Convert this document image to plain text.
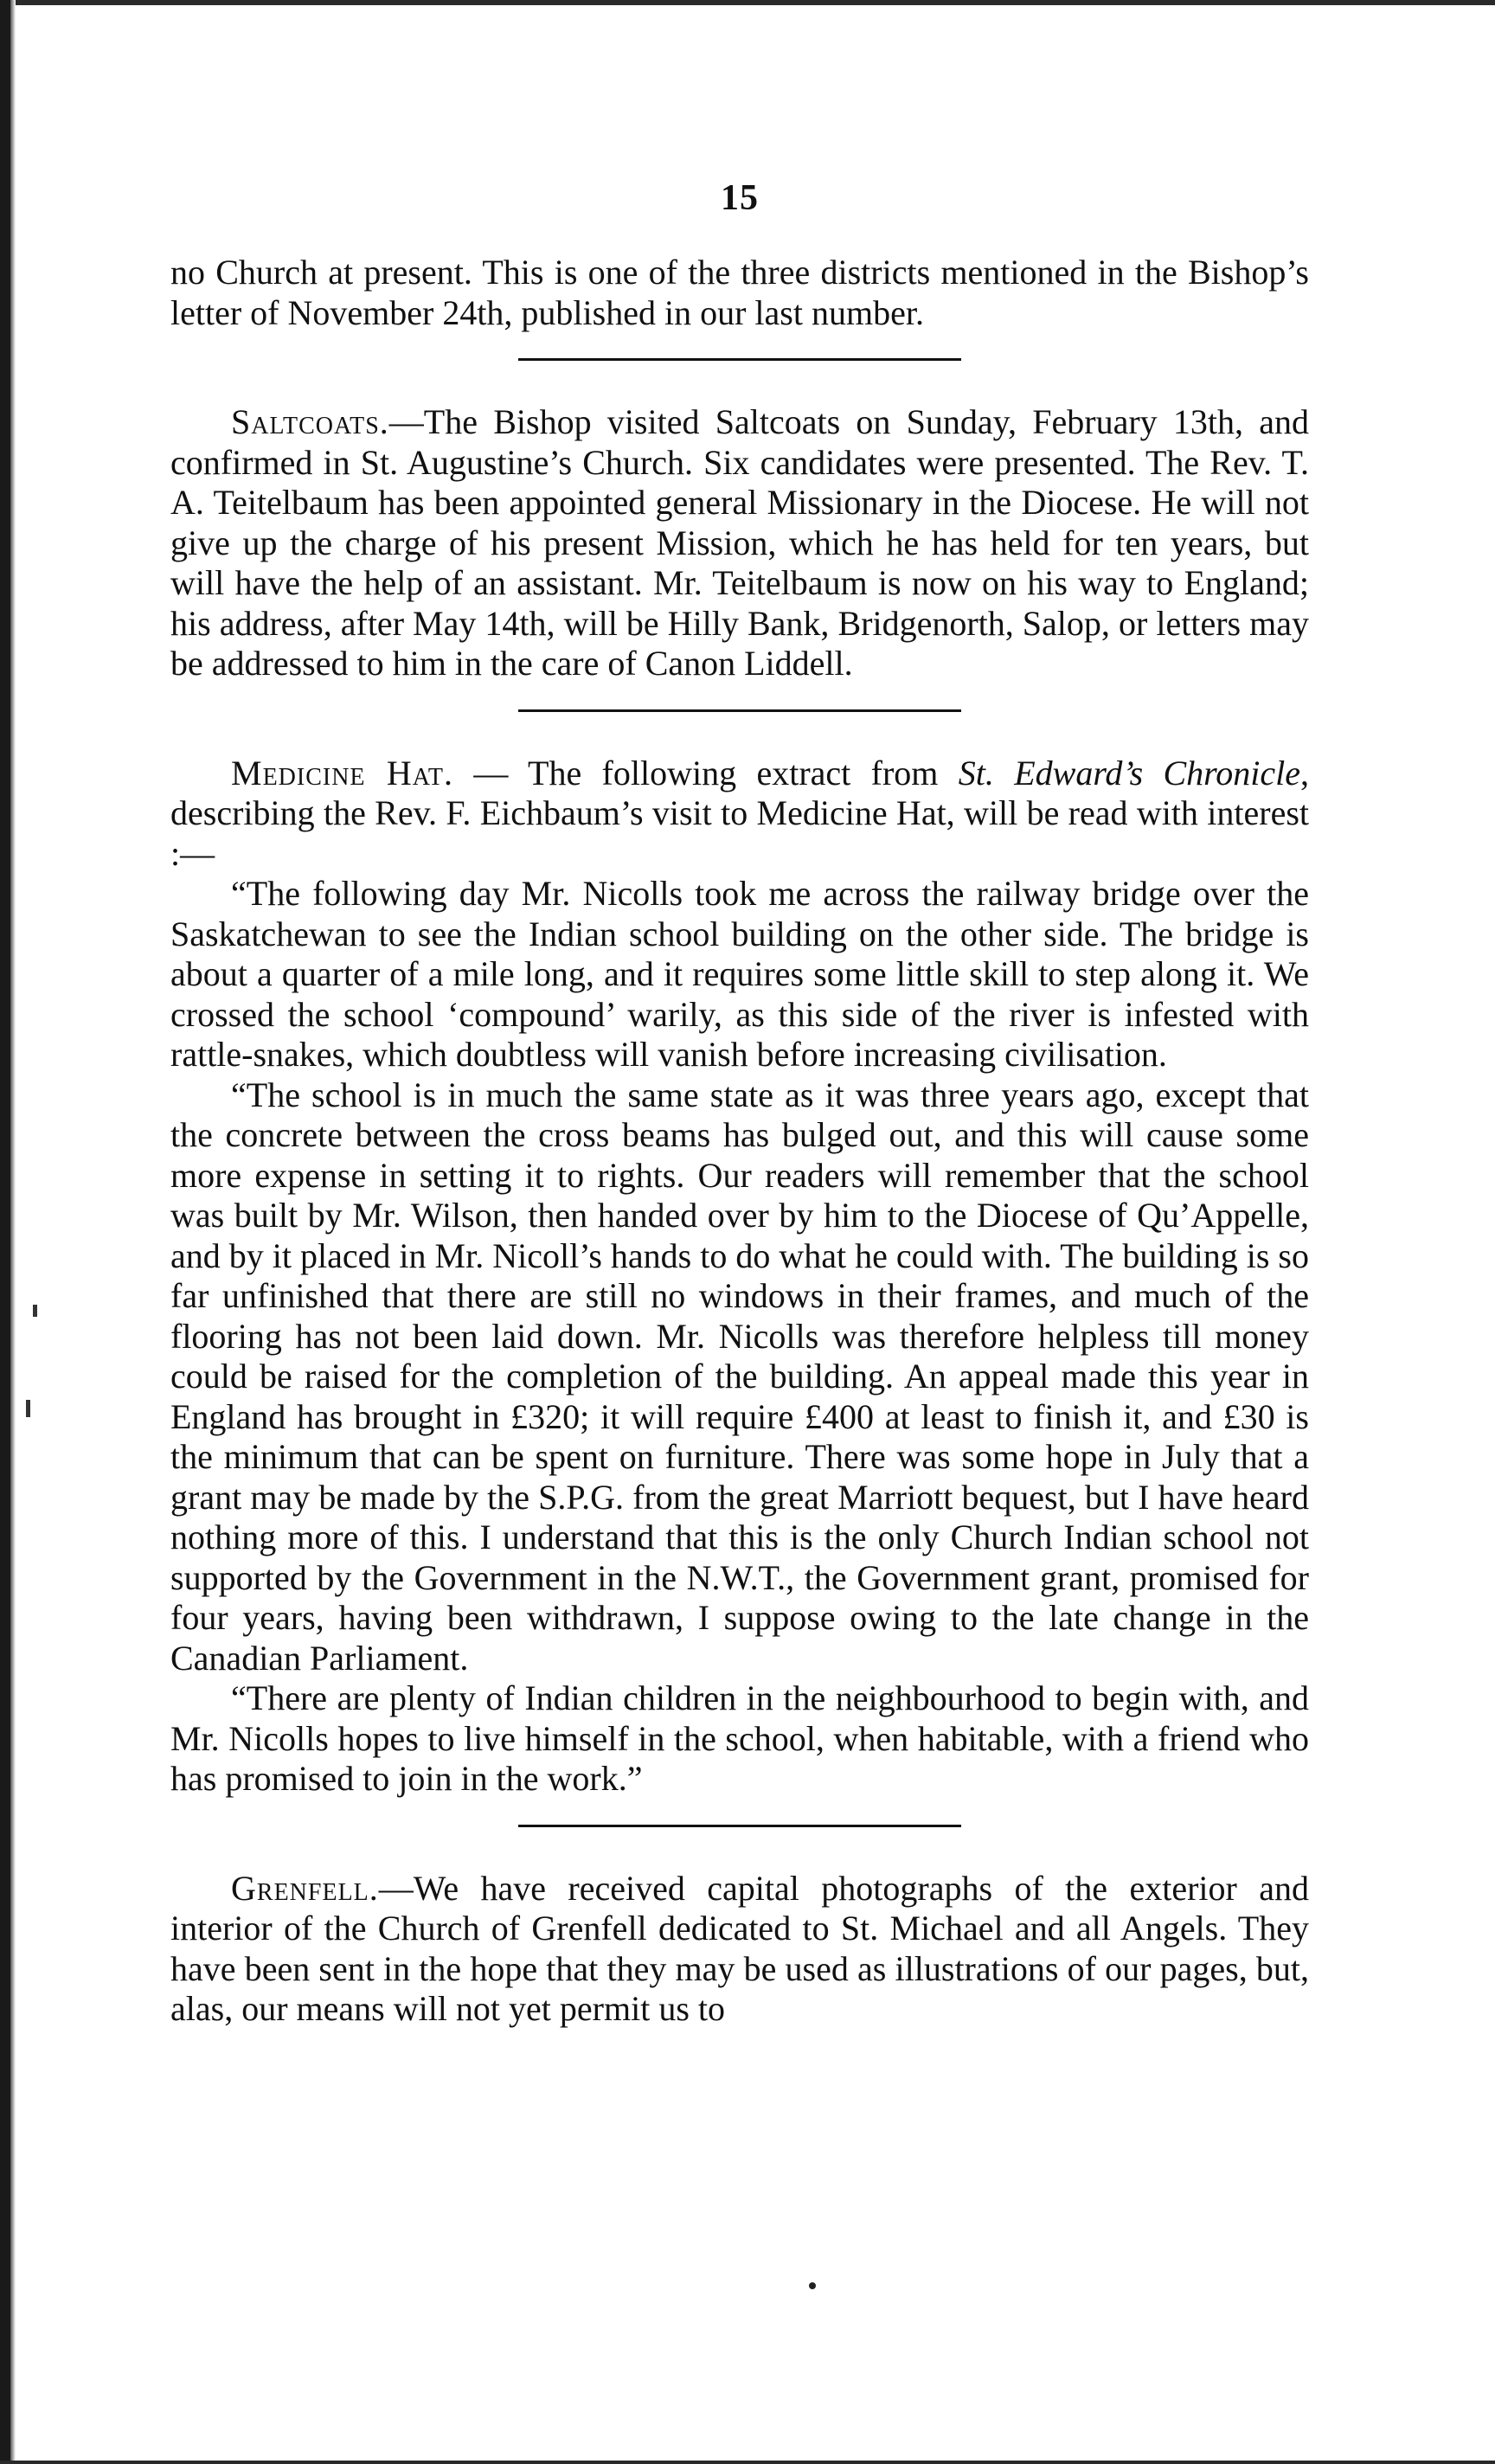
15

no Church at present. This is one of the three districts mentioned in the Bishop’s letter of November 24th, published in our last number.

Saltcoats.—The Bishop visited Saltcoats on Sunday, February 13th, and confirmed in St. Augustine’s Church. Six candidates were presented. The Rev. T. A. Teitelbaum has been appointed general Missionary in the Diocese. He will not give up the charge of his present Mission, which he has held for ten years, but will have the help of an assistant. Mr. Teitelbaum is now on his way to England; his address, after May 14th, will be Hilly Bank, Bridgenorth, Salop, or letters may be addressed to him in the care of Canon Liddell.

Medicine Hat. — The following extract from St. Edward’s Chronicle, describing the Rev. F. Eichbaum’s visit to Medicine Hat, will be read with interest :—

“The following day Mr. Nicolls took me across the railway bridge over the Saskatchewan to see the Indian school building on the other side. The bridge is about a quarter of a mile long, and it requires some little skill to step along it. We crossed the school ‘compound’ warily, as this side of the river is infested with rattle-snakes, which doubtless will vanish before increasing civilisation.

“The school is in much the same state as it was three years ago, except that the concrete between the cross beams has bulged out, and this will cause some more expense in setting it to rights. Our readers will remember that the school was built by Mr. Wilson, then handed over by him to the Diocese of Qu’Appelle, and by it placed in Mr. Nicoll’s hands to do what he could with. The building is so far unfinished that there are still no windows in their frames, and much of the flooring has not been laid down. Mr. Nicolls was therefore helpless till money could be raised for the completion of the building. An appeal made this year in England has brought in £320; it will require £400 at least to finish it, and £30 is the minimum that can be spent on furniture. There was some hope in July that a grant may be made by the S.P.G. from the great Marriott bequest, but I have heard nothing more of this. I understand that this is the only Church Indian school not supported by the Government in the N.W.T., the Government grant, promised for four years, having been withdrawn, I suppose owing to the late change in the Canadian Parliament.

“There are plenty of Indian children in the neighbourhood to begin with, and Mr. Nicolls hopes to live himself in the school, when habitable, with a friend who has promised to join in the work.”

Grenfell.—We have received capital photographs of the exterior and interior of the Church of Grenfell dedicated to St. Michael and all Angels. They have been sent in the hope that they may be used as illustrations of our pages, but, alas, our means will not yet permit us to
